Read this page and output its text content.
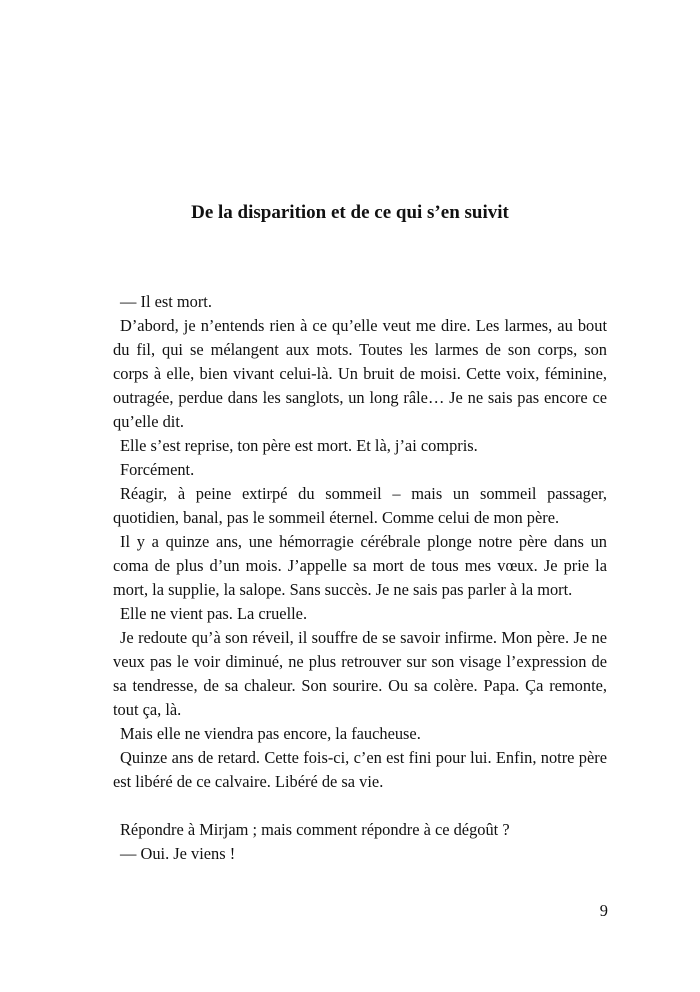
De la disparition et de ce qui s’en suivit

— Il est mort.

D’abord, je n’entends rien à ce qu’elle veut me dire. Les larmes, au bout du fil, qui se mélangent aux mots. Toutes les larmes de son corps, son corps à elle, bien vivant celui-là. Un bruit de moisi. Cette voix, féminine, outragée, perdue dans les sanglots, un long râle… Je ne sais pas encore ce qu’elle dit.

Elle s’est reprise, ton père est mort. Et là, j’ai compris.

Forcément.

Réagir, à peine extirpé du sommeil – mais un sommeil passager, quotidien, banal, pas le sommeil éternel. Comme celui de mon père.

Il y a quinze ans, une hémorragie cérébrale plonge notre père dans un coma de plus d’un mois. J’appelle sa mort de tous mes vœux. Je prie la mort, la supplie, la salope. Sans succès. Je ne sais pas parler à la mort.

Elle ne vient pas. La cruelle.

Je redoute qu’à son réveil, il souffre de se savoir infirme. Mon père. Je ne veux pas le voir diminué, ne plus retrouver sur son visage l’expression de sa tendresse, de sa chaleur. Son sourire. Ou sa colère. Papa. Ça remonte, tout ça, là.

Mais elle ne viendra pas encore, la faucheuse.

Quinze ans de retard. Cette fois-ci, c’en est fini pour lui. Enfin, notre père est libéré de ce calvaire. Libéré de sa vie.

Répondre à Mirjam ; mais comment répondre à ce dégoût ?

— Oui. Je viens !

9
